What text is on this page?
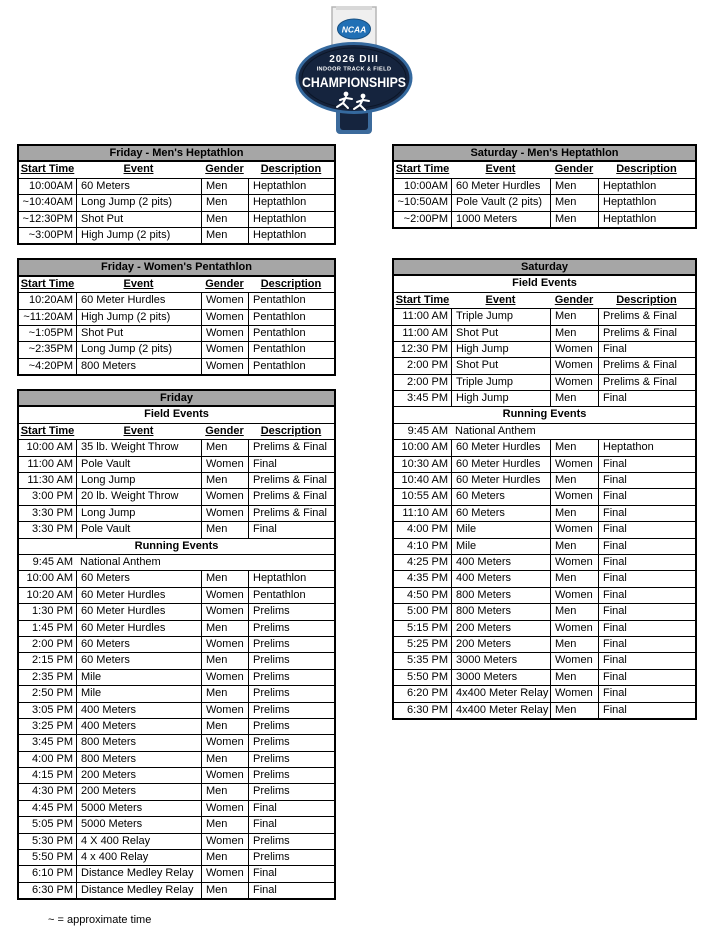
NCAA
2026 DIII
INDOOR TRACK & FIELD
CHAMPIONSHIPS
Friday - Men's Heptathlon
Start Time	Event	Gender	Description
10:00AM 60 Meters	Men	Heptathlon
~10:40AM Long Jump (2 pits)	Men	Heptathlon
~12:30PM Shot Put	Men	Heptathlon
~3:00PM High Jump (2 pits)	Men	Heptathlon
Friday - Women's Pentathlon
Start Time	Event	Gender	Description
10:20AM 60 Meter Hurdles	Women Pentathlon
~11:20AM High Jump (2 pits)	Women Pentathlon
~1:05PM Shot Put	Women Pentathlon
~2:35PM Long Jump (2 pits)	Women Pentathlon
~4:20PM 800 Meters	Women Pentathlon
Friday
Field Events
Start Time	Event	Gender	Description
10:00 AM 35 lb. Weight Throw	Men	Prelims & Final
11:00 AM Pole Vault	Women Final
11:30 AM Long Jump	Men	Prelims & Final
3:00 PM 20 lb. Weight Throw	Women Prelims & Final
3:30 PM Long Jump	Women Prelims & Final
3:30 PM Pole Vault	Men	Final
Running Events
9:45 AM National Anthem
10:00 AM 60 Meters	Men	Heptathlon
10:20 AM 60 Meter Hurdles	Women Pentathlon
1:30 PM 60 Meter Hurdles	Women Prelims
1:45 PM 60 Meter Hurdles	Men	Prelims
2:00 PM 60 Meters	Women Prelims
2:15 PM 60 Meters	Men	Prelims
2:35 PM Mile	Women Prelims
2:50 PM Mile	Men	Prelims
3:05 PM 400 Meters	Women Prelims
3:25 PM 400 Meters	Men	Prelims
3:45 PM 800 Meters	Women Prelims
4:00 PM 800 Meters	Men	Prelims
4:15 PM 200 Meters	Women Prelims
4:30 PM 200 Meters	Men	Prelims
4:45 PM 5000 Meters	Women Final
5:05 PM 5000 Meters	Men	Final
5:30 PM 4 X 400 Relay	Women Prelims
5:50 PM 4 x 400 Relay	Men	Prelims
6:10 PM Distance Medley Relay	Women Final
6:30 PM Distance Medley Relay	Men	Final
Saturday - Men's Heptathlon
Start Time	Event	Gender	Description
10:00AM 60 Meter Hurdles	Men	Heptathlon
~10:50AM Pole Vault (2 pits)	Men	Heptathlon
~2:00PM 1000 Meters	Men	Heptathlon
Saturday
Field Events
Start Time	Event	Gender	Description
11:00 AM Triple Jump	Men	Prelims & Final
11:00 AM Shot Put	Men	Prelims & Final
12:30 PM High Jump	Women Final
2:00 PM Shot Put	Women Prelims & Final
2:00 PM Triple Jump	Women Prelims & Final
3:45 PM High Jump	Men	Final
Running Events
9:45 AM National Anthem
10:00 AM 60 Meter Hurdles	Men	Heptathon
10:30 AM 60 Meter Hurdles	Women Final
10:40 AM 60 Meter Hurdles	Men	Final
10:55 AM 60 Meters	Women Final
11:10 AM 60 Meters	Men	Final
4:00 PM Mile	Women Final
4:10 PM Mile	Men	Final
4:25 PM 400 Meters	Women Final
4:35 PM 400 Meters	Men	Final
4:50 PM 800 Meters	Women Final
5:00 PM 800 Meters	Men	Final
5:15 PM 200 Meters	Women Final
5:25 PM 200 Meters	Men	Final
5:35 PM 3000 Meters	Women Final
5:50 PM 3000 Meters	Men	Final
6:20 PM 4x400 Meter Relay Women Final
6:30 PM 4x400 Meter Relay Men	Final
~ = approximate time
